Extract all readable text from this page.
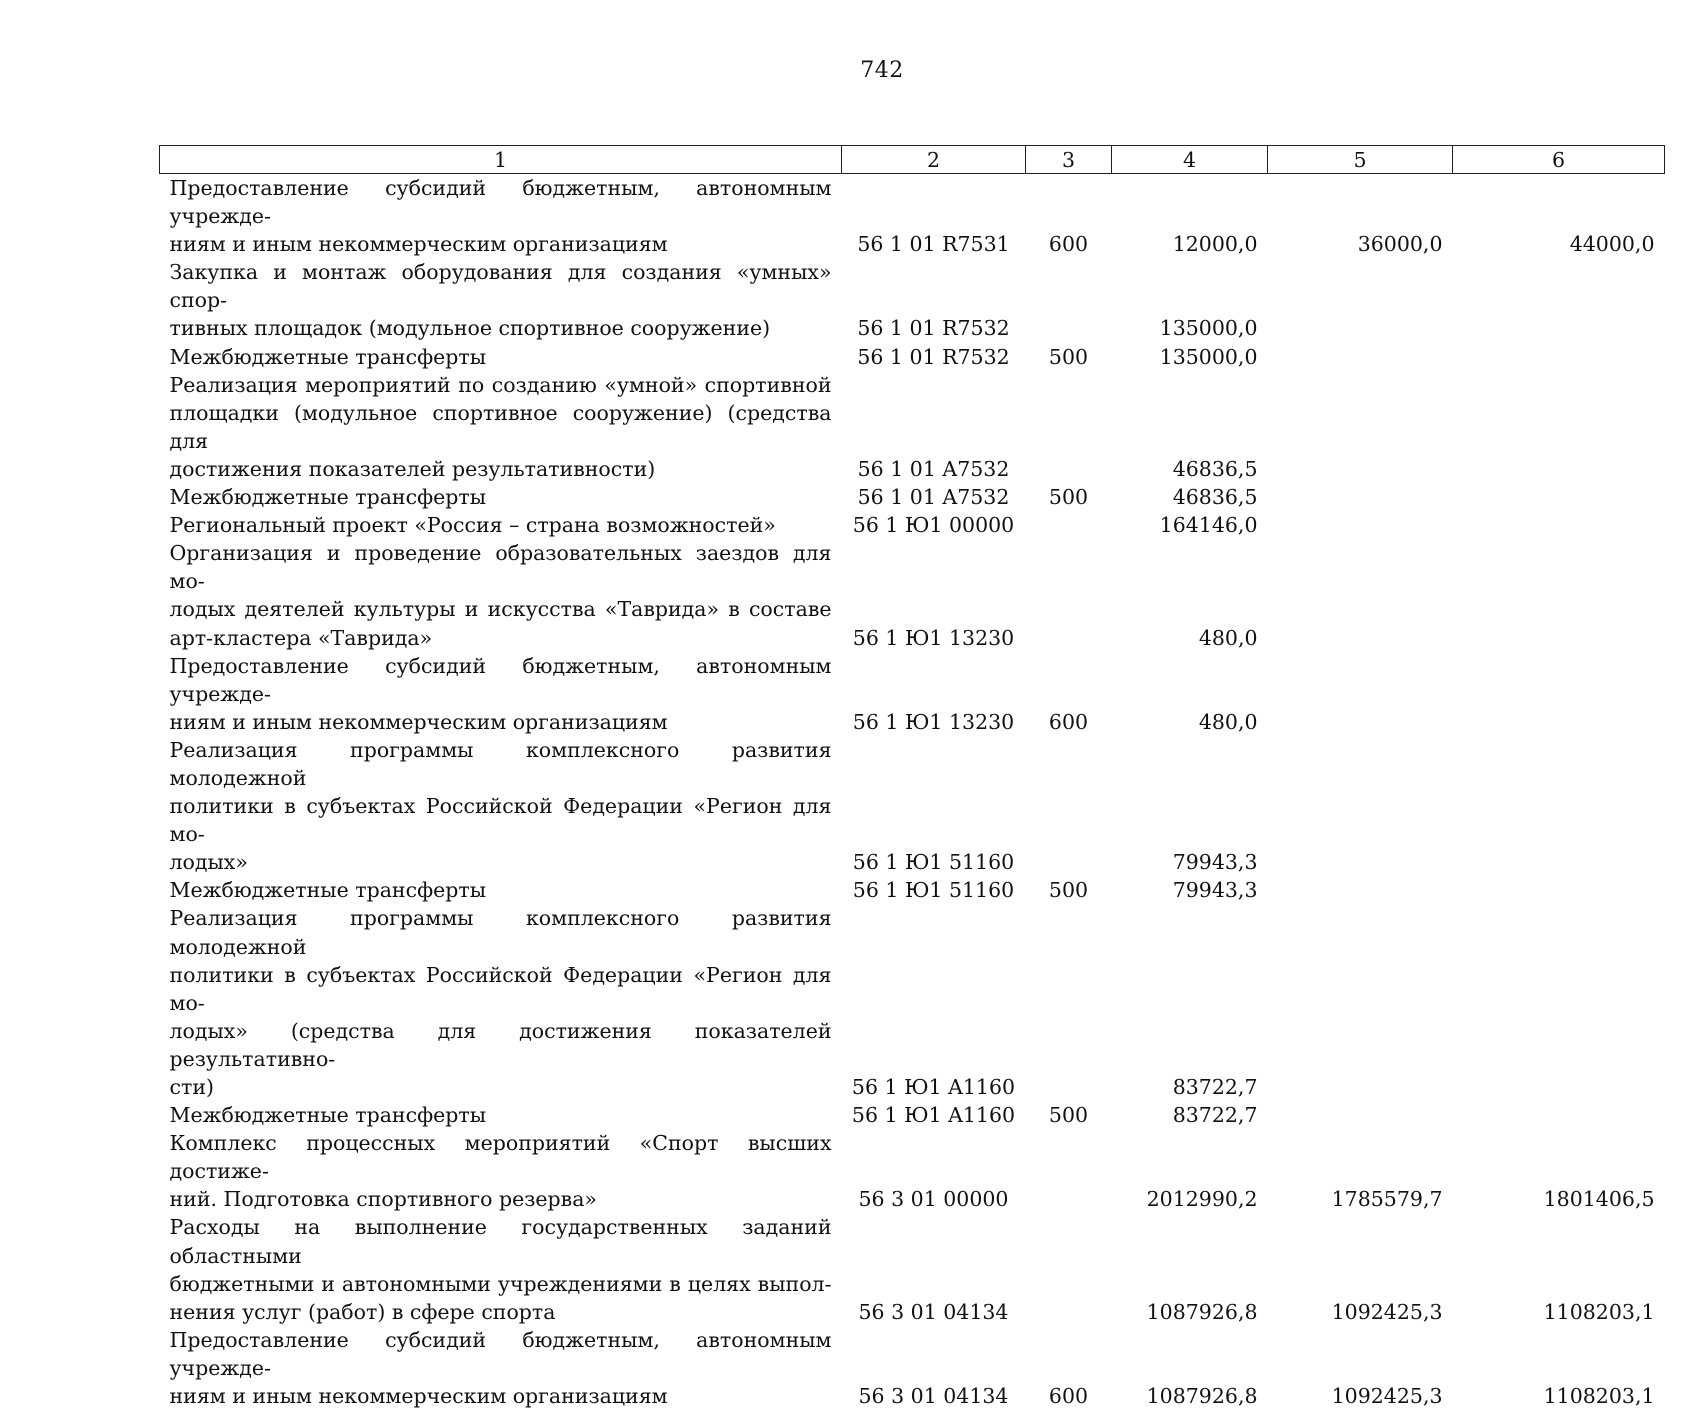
742
1	2	3	4	5	6

Предоставление субсидий бюджетным, автономным учрежде-
ниям и иным некоммерческим организациям	56 1 01 R7531	600	12000,0	36000,0	44000,0

Закупка и монтаж оборудования для создания «умных» спор-
тивных площадок (модульное спортивное сооружение)	56 1 01 R7532		135000,0		

Межбюджетные трансферты	56 1 01 R7532	500	135000,0		

Реализация мероприятий по созданию «умной» спортивной
площадки (модульное спортивное сооружение) (средства для
достижения показателей результативности)	56 1 01 A7532		46836,5		

Межбюджетные трансферты	56 1 01 A7532	500	46836,5		

Региональный проект «Россия – страна возможностей»	56 1 Ю1 00000		164146,0		

Организация и проведение образовательных заездов для мо-
лодых деятелей культуры и искусства «Таврида» в составе
арт-кластера «Таврида»	56 1 Ю1 13230		480,0		

Предоставление субсидий бюджетным, автономным учрежде-
ниям и иным некоммерческим организациям	56 1 Ю1 13230	600	480,0		

Реализация программы комплексного развития молодежной
политики в субъектах Российской Федерации «Регион для мо-
лодых»	56 1 Ю1 51160		79943,3		

Межбюджетные трансферты	56 1 Ю1 51160	500	79943,3		

Реализация программы комплексного развития молодежной
политики в субъектах Российской Федерации «Регион для мо-
лодых» (средства для достижения показателей результативно-
сти)	56 1 Ю1 A1160		83722,7		

Межбюджетные трансферты	56 1 Ю1 A1160	500	83722,7		

Комплекс процессных мероприятий «Спорт высших достиже-
ний. Подготовка спортивного резерва»	56 3 01 00000		2012990,2	1785579,7	1801406,5

Расходы на выполнение государственных заданий областными
бюджетными и автономными учреждениями в целях выпол-
нения услуг (работ) в сфере спорта	56 3 01 04134		1087926,8	1092425,3	1108203,1

Предоставление субсидий бюджетным, автономным учрежде-
ниям и иным некоммерческим организациям	56 3 01 04134	600	1087926,8	1092425,3	1108203,1
